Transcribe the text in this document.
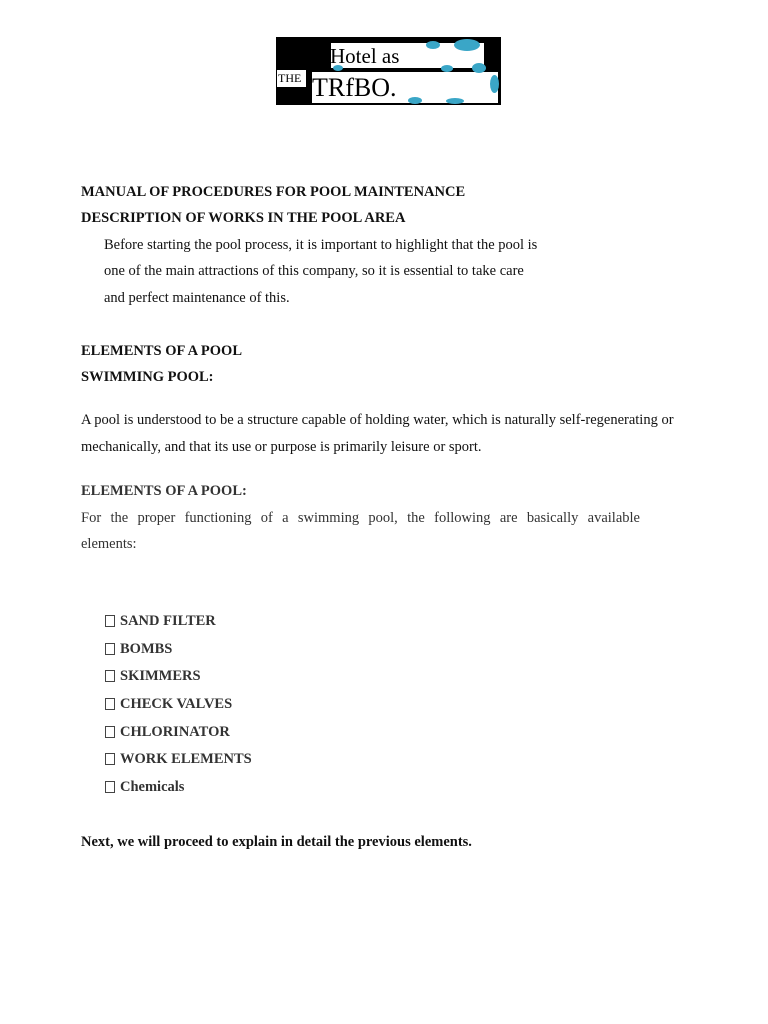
Hotel as
THE TRfBO.
MANUAL OF PROCEDURES FOR POOL MAINTENANCE
DESCRIPTION OF WORKS IN THE POOL AREA
Before starting the pool process, it is important to highlight that the pool is
one of the main attractions of this company, so it is essential to take care
and perfect maintenance of this.
ELEMENTS OF A POOL
SWIMMING POOL:
A pool is understood to be a structure capable of holding water, which is naturally self-regenerating or
mechanically, and that its use or purpose is primarily leisure or sport.
ELEMENTS OF A POOL:
For the proper functioning of a swimming pool, the following are basically available
elements:
SAND FILTER
BOMBS
SKIMMERS
CHECK VALVES
CHLORINATOR
WORK ELEMENTS
Chemicals
Next, we will proceed to explain in detail the previous elements.
